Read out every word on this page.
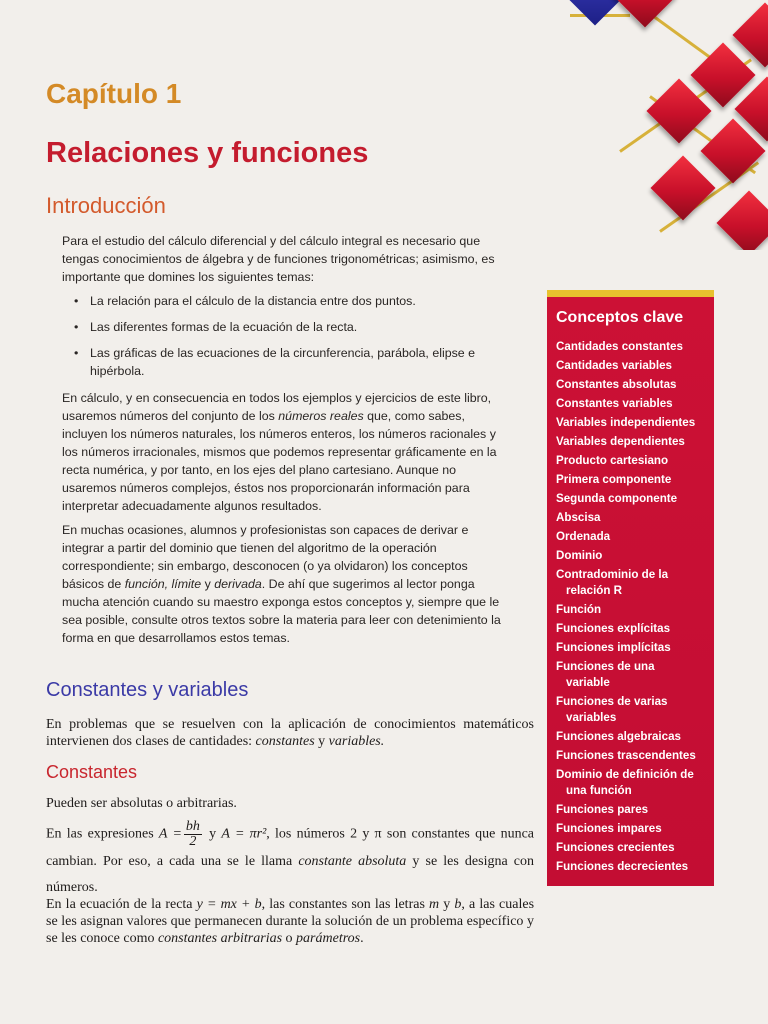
Capítulo 1
Relaciones y funciones
Introducción
Para el estudio del cálculo diferencial y del cálculo integral es necesario que tengas conocimientos de álgebra y de funciones trigonométricas; asimismo, es importante que domines los siguientes temas:
• La relación para el cálculo de la distancia entre dos puntos.
• Las diferentes formas de la ecuación de la recta.
• Las gráficas de las ecuaciones de la circunferencia, parábola, elipse e hipérbola.
En cálculo, y en consecuencia en todos los ejemplos y ejercicios de este libro, usaremos números del conjunto de los números reales que, como sabes, incluyen los números naturales, los números enteros, los números racionales y los números irracionales, mismos que podemos representar gráficamente en la recta numérica, y por tanto, en los ejes del plano cartesiano. Aunque no usaremos números complejos, éstos nos proporcionarán información para interpretar adecuadamente algunos resultados.
En muchas ocasiones, alumnos y profesionistas son capaces de derivar e integrar a partir del dominio que tienen del algoritmo de la operación correspondiente; sin embargo, desconocen (o ya olvidaron) los conceptos básicos de función, límite y derivada. De ahí que sugerimos al lector ponga mucha atención cuando su maestro exponga estos conceptos y, siempre que le sea posible, consulte otros textos sobre la materia para leer con detenimiento la forma en que desarrollamos estos temas.
Constantes y variables
En problemas que se resuelven con la aplicación de conocimientos matemáticos intervienen dos clases de cantidades: constantes y variables.
Constantes
Pueden ser absolutas o arbitrarias.
En las expresiones $A = \frac{bh}{2}$ y A = πr², los números 2 y π son constantes que nunca cambian. Por eso, a cada una se le llama constante absoluta y se les designa con números.
En la ecuación de la recta y = mx + b, las constantes son las letras m y b, a las cuales se les asignan valores que permanecen durante la solución de un problema específico y se les conoce como constantes arbitrarias o parámetros.
Conceptos clave
Cantidades constantes
Cantidades variables
Constantes absolutas
Constantes variables
Variables independientes
Variables dependientes
Producto cartesiano
Primera componente
Segunda componente
Abscisa
Ordenada
Dominio
Contradominio de la
relación R
Función
Funciones explícitas
Funciones implícitas
Funciones de una
variable
Funciones de varias
variables
Funciones algebraicas
Funciones trascendentes
Dominio de definición de
una función
Funciones pares
Funciones impares
Funciones crecientes
Funciones decrecientes
